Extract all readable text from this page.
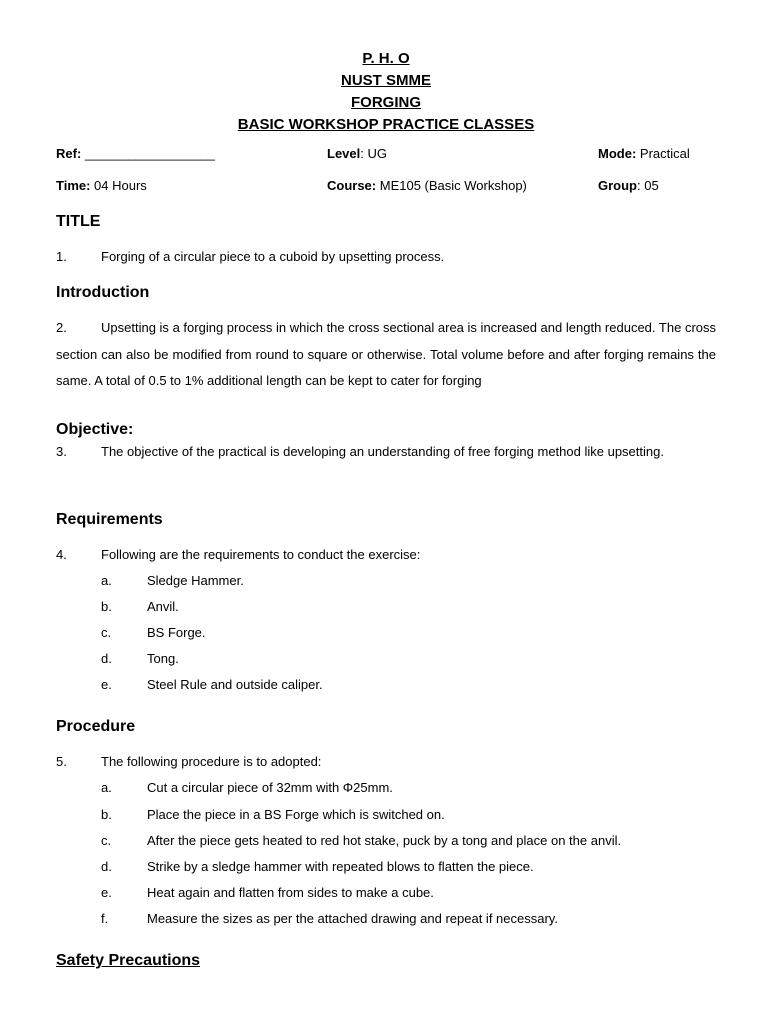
P. H. O
NUST SMME
FORGING
BASIC WORKSHOP PRACTICE CLASSES
Ref: __________________	Level: UG	Mode: Practical
Time: 04 Hours	Course: ME105 (Basic Workshop)	Group: 05
TITLE
1.	Forging of a circular piece to a cuboid by upsetting process.
Introduction
2.	Upsetting is a forging process in which the cross sectional area is increased and length reduced. The cross section can also be modified from round to square or otherwise. Total volume before and after forging remains the same. A total of 0.5 to 1% additional length can be kept to cater for forging
Objective:
3.	The objective of the practical is developing an understanding of free forging method like upsetting.
Requirements
4.	Following are the requirements to conduct the exercise:
a.	Sledge Hammer.
b.	Anvil.
c.	BS Forge.
d.	Tong.
e.	Steel Rule and outside caliper.
Procedure
5.	The following procedure is to adopted:
a.	Cut a circular piece of 32mm with Φ25mm.
b.	Place the piece in a BS Forge which is switched on.
c.	After the piece gets heated to red hot stake, puck by a tong and place on the anvil.
d.	Strike by a sledge hammer with repeated blows to flatten the piece.
e.	Heat again and flatten from sides to make a cube.
f.	Measure the sizes as per the attached drawing and repeat if necessary.
Safety Precautions
